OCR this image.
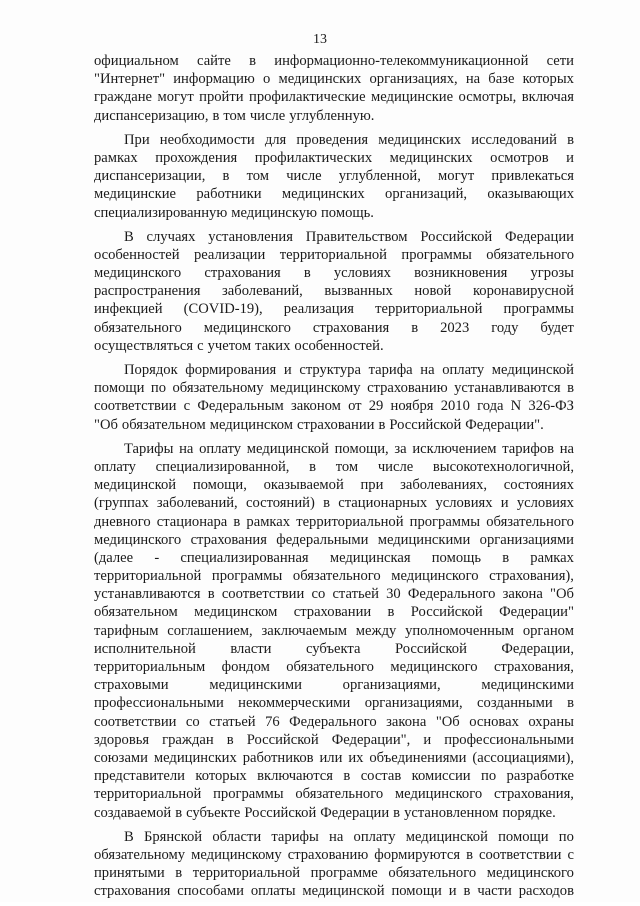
13
официальном сайте в информационно-телекоммуникационной сети
"Интернет" информацию о медицинских организациях, на базе которых
граждане могут пройти профилактические медицинские осмотры, включая
диспансеризацию, в том числе углубленную.
При необходимости для проведения медицинских исследований в
рамках прохождения профилактических медицинских осмотров и
диспансеризации, в том числе углубленной, могут привлекаться
медицинские работники медицинских организаций, оказывающих
специализированную медицинскую помощь.
В случаях установления Правительством Российской Федерации
особенностей реализации территориальной программы обязательного
медицинского страхования в условиях возникновения угрозы
распространения заболеваний, вызванных новой коронавирусной
инфекцией (COVID-19), реализация территориальной программы
обязательного медицинского страхования в 2023 году будет
осуществляться с учетом таких особенностей.
Порядок формирования и структура тарифа на оплату медицинской
помощи по обязательному медицинскому страхованию устанавливаются в
соответствии с Федеральным законом от 29 ноября 2010 года N 326-ФЗ
"Об обязательном медицинском страховании в Российской Федерации".
Тарифы на оплату медицинской помощи, за исключением тарифов на
оплату специализированной, в том числе высокотехнологичной,
медицинской помощи, оказываемой при заболеваниях, состояниях
(группах заболеваний, состояний) в стационарных условиях и условиях
дневного стационара в рамках территориальной программы обязательного
медицинского страхования федеральными медицинскими организациями
(далее - специализированная медицинская помощь в рамках
территориальной программы обязательного медицинского страхования),
устанавливаются в соответствии со статьей 30 Федерального закона "Об
обязательном медицинском страховании в Российской Федерации"
тарифным соглашением, заключаемым между уполномоченным органом
исполнительной власти субъекта Российской Федерации,
территориальным фондом обязательного медицинского страхования,
страховыми	медицинскими	организациями,	медицинскими
профессиональными некоммерческими организациями, созданными в
соответствии со статьей 76 Федерального закона "Об основах охраны
здоровья граждан в Российской Федерации", и профессиональными
союзами медицинских работников или их объединениями (ассоциациями),
представители которых включаются в состав комиссии по разработке
территориальной программы обязательного медицинского страхования,
создаваемой в субъекте Российской Федерации в установленном порядке.
В Брянской области тарифы на оплату медицинской помощи по
обязательному медицинскому страхованию формируются в соответствии с
принятыми в территориальной программе обязательного медицинского
страхования способами оплаты медицинской помощи и в части расходов
